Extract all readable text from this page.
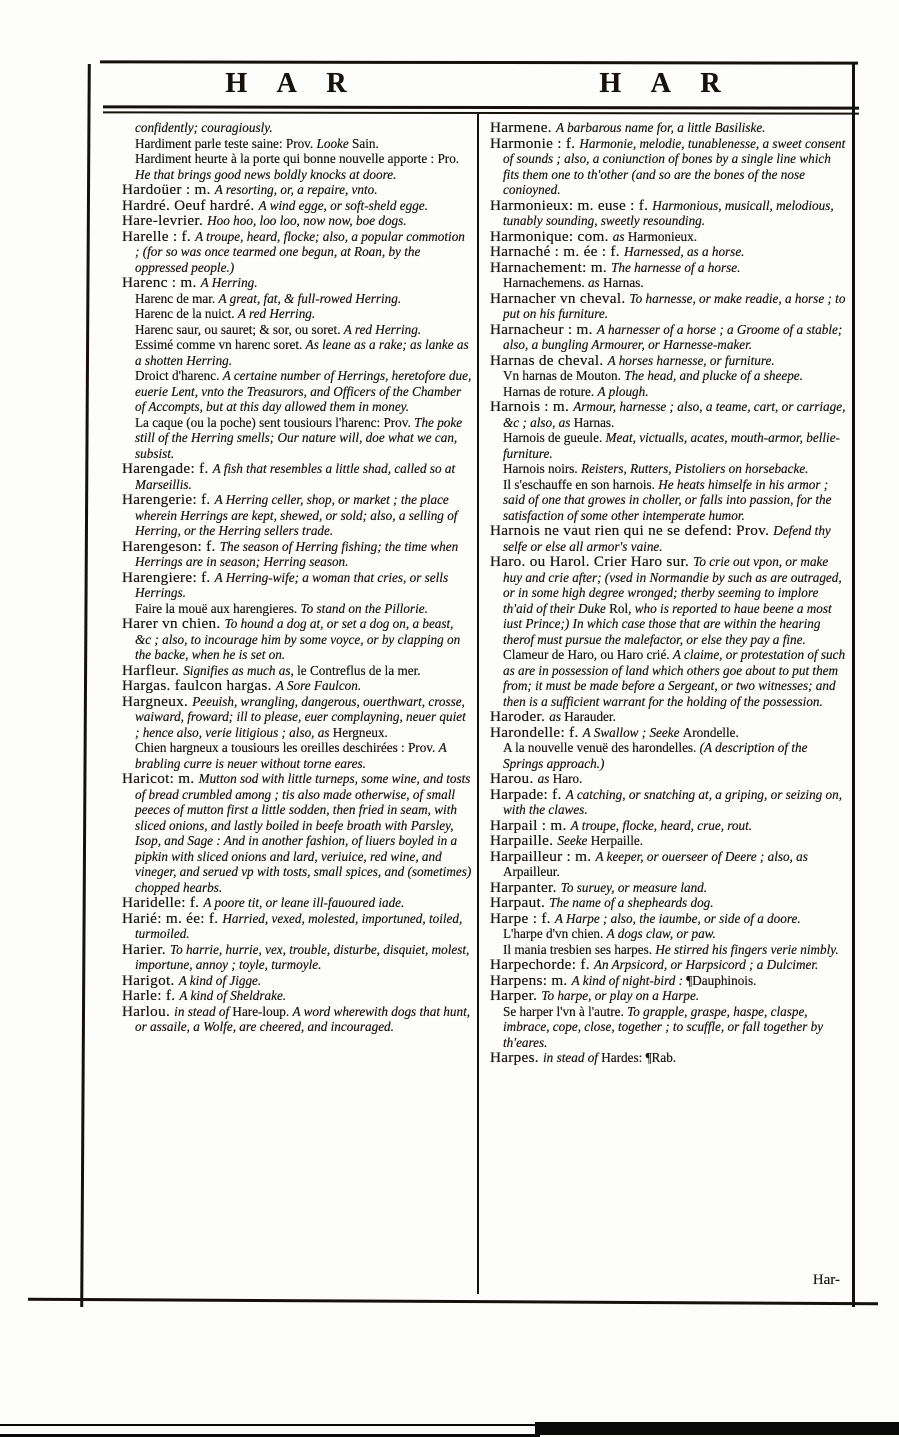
H A R	H A R

confidently; couragiously.

Hardiment parle teste saine: Prov. Looke Sain.

Hardiment heurte à la porte qui bonne nouvelle apporte : Pro. He that brings good news boldly knocks at doore.

Hardoüer : m. A resorting, or, a repaire, vnto.

Hardré. Oeuf hardré. A wind egge, or soft-sheld egge.

Hare-levrier. Hoo hoo, loo loo, now now, boe dogs.

Harelle : f. A troupe, heard, flocke; also, a popular commotion ; (for so was once tearmed one begun, at Roan, by the oppressed people.)

Harenc : m. A Herring.

Harenc de mar. A great, fat, & full-rowed Herring.

Harenc de la nuict. A red Herring.

Harenc saur, ou sauret; & sor, ou soret. A red Herring.

Essimé comme vn harenc soret. As leane as a rake; as lanke as a shotten Herring.

Droict d'harenc. A certaine number of Herrings, heretofore due, euerie Lent, vnto the Treasurors, and Officers of the Chamber of Accompts, but at this day allowed them in money.

La caque (ou la poche) sent tousiours l'harenc: Prov. The poke still of the Herring smells; Our nature will, doe what we can, subsist.

Harengade: f. A fish that resembles a little shad, called so at Marseillis.

Harengerie: f. A Herring celler, shop, or market ; the place wherein Herrings are kept, shewed, or sold; also, a selling of Herring, or the Herring sellers trade.

Harengeson: f. The season of Herring fishing; the time when Herrings are in season; Herring season.

Harengiere: f. A Herring-wife; a woman that cries, or sells Herrings.

Faire la mouë aux harengieres. To stand on the Pillorie.

Harer vn chien. To hound a dog at, or set a dog on, a beast, &c ; also, to incourage him by some voyce, or by clapping on the backe, when he is set on.

Harfleur. Signifies as much as, le Contreflus de la mer.

Hargas. faulcon hargas. A Sore Faulcon.

Hargneux. Peeuish, wrangling, dangerous, ouerthwart, crosse, waiward, froward; ill to please, euer complayning, neuer quiet ; hence also, verie litigious ; also, as Hergneux.

Chien hargneux a tousiours les oreilles deschirées : Prov. A brabling curre is neuer without torne eares.

Haricot: m. Mutton sod with little turneps, some wine, and tosts of bread crumbled among ; tis also made otherwise, of small peeces of mutton first a little sodden, then fried in seam, with sliced onions, and lastly boiled in beefe broath with Parsley, Isop, and Sage : And in another fashion, of liuers boyled in a pipkin with sliced onions and lard, veriuice, red wine, and vineger, and serued vp with tosts, small spices, and (sometimes) chopped hearbs.

Haridelle: f. A poore tit, or leane ill-fauoured iade.

Harié: m. ée: f. Harried, vexed, molested, importuned, toiled, turmoiled.

Harier. To harrie, hurrie, vex, trouble, disturbe, disquiet, molest, importune, annoy ; toyle, turmoyle.

Harigot. A kind of Jigge.

Harle: f. A kind of Sheldrake.

Harlou. in stead of Hare-loup. A word wherewith dogs that hunt, or assaile, a Wolfe, are cheered, and incouraged.

Harmene. A barbarous name for, a little Basiliske.

Harmonie : f. Harmonie, melodie, tunablenesse, a sweet consent of sounds ; also, a coniunction of bones by a single line which fits them one to th'other (and so are the bones of the nose conioyned.

Harmonieux: m. euse : f. Harmonious, musicall, melodious, tunably sounding, sweetly resounding.

Harmonique: com. as Harmonieux.

Harnaché : m. ée : f. Harnessed, as a horse.

Harnachement: m. The harnesse of a horse.

Harnachemens. as Harnas.

Harnacher vn cheval. To harnesse, or make readie, a horse ; to put on his furniture.

Harnacheur : m. A harnesser of a horse ; a Groome of a stable; also, a bungling Armourer, or Harnesse-maker.

Harnas de cheval. A horses harnesse, or furniture.

Vn harnas de Mouton. The head, and plucke of a sheepe.

Harnas de roture. A plough.

Harnois : m. Armour, harnesse ; also, a teame, cart, or carriage, &c ; also, as Harnas.

Harnois de gueule. Meat, victualls, acates, mouth-armor, bellie-furniture.

Harnois noirs. Reisters, Rutters, Pistoliers on horsebacke.

Il s'eschauffe en son harnois. He heats himselfe in his armor ; said of one that growes in choller, or falls into passion, for the satisfaction of some other intemperate humor.

Harnois ne vaut rien qui ne se defend: Prov. Defend thy selfe or else all armor's vaine.

Haro. ou Harol. Crier Haro sur. To crie out vpon, or make huy and crie after; (vsed in Normandie by such as are outraged, or in some high degree wronged; therby seeming to implore th'aid of their Duke Rol, who is reported to haue beene a most iust Prince;) In which case those that are within the hearing therof must pursue the malefactor, or else they pay a fine.

Clameur de Haro, ou Haro crié. A claime, or protestation of such as are in possession of land which others goe about to put them from; it must be made before a Sergeant, or two witnesses; and then is a sufficient warrant for the holding of the possession.

Haroder. as Harauder.

Harondelle: f. A Swallow ; Seeke Arondelle.

A la nouvelle venuë des harondelles. (A description of the Springs approach.)

Harou. as Haro.

Harpade: f. A catching, or snatching at, a griping, or seizing on, with the clawes.

Harpail : m. A troupe, flocke, heard, crue, rout.

Harpaille. Seeke Herpaille.

Harpailleur : m. A keeper, or ouerseer of Deere ; also, as Arpailleur.

Harpanter. To suruey, or measure land.

Harpaut. The name of a shepheards dog.

Harpe : f. A Harpe ; also, the iaumbe, or side of a doore.

L'harpe d'vn chien. A dogs claw, or paw.

Il mania tresbien ses harpes. He stirred his fingers verie nimbly.

Harpechorde: f. An Arpsicord, or Harpsicord ; a Dulcimer.

Harpens: m. A kind of night-bird : ¶Dauphinois.

Harper. To harpe, or play on a Harpe.

Se harper l'vn à l'autre. To grapple, graspe, haspe, claspe, imbrace, cope, close, together ; to scuffle, or fall together by th'eares.

Harpes. in stead of Hardes: ¶Rab.

Har-
